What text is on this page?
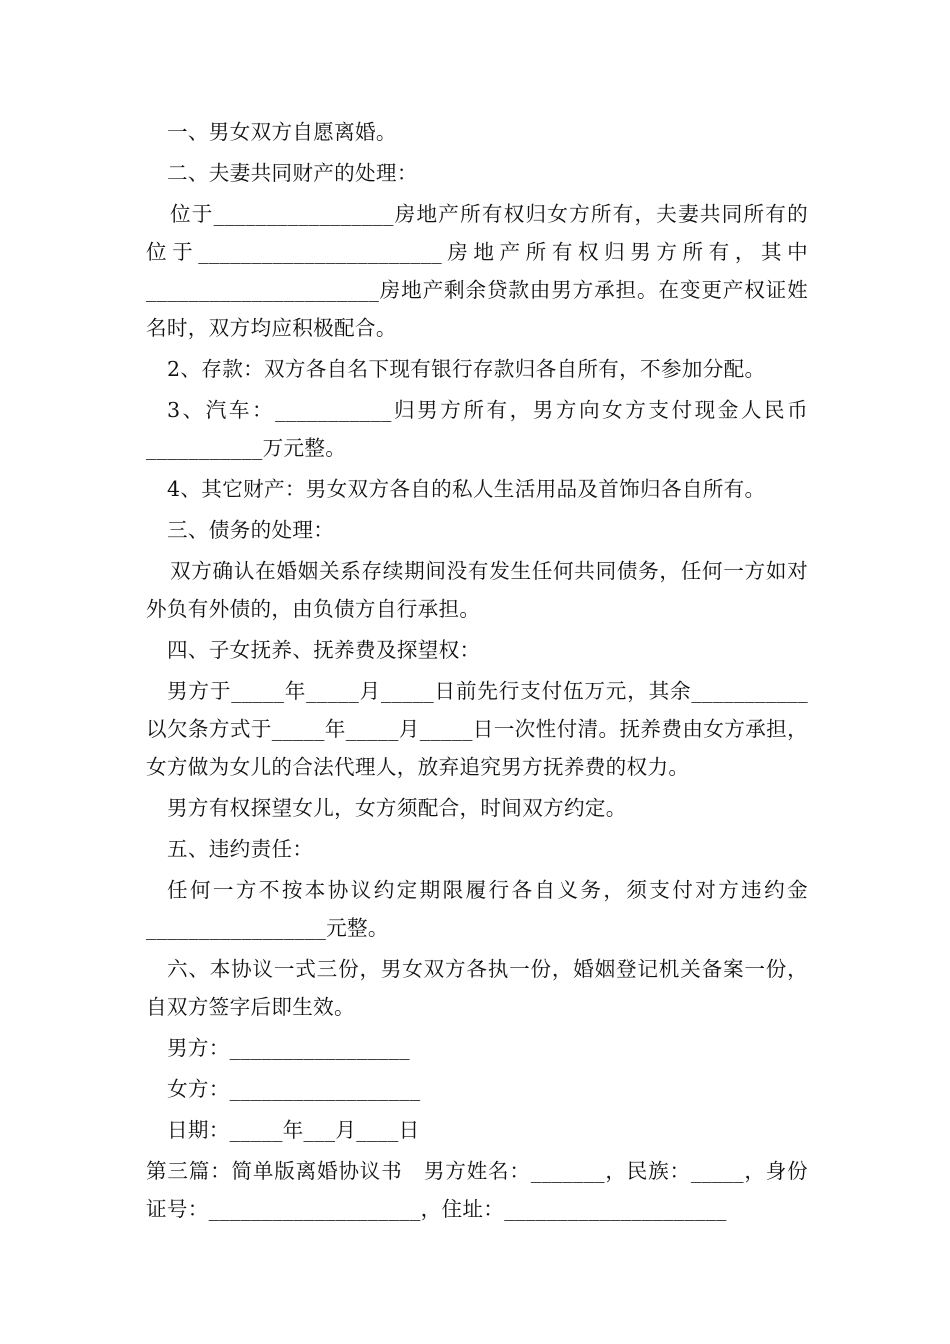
一、男女双方自愿离婚。

二、夫妻共同财产的处理：

位于_________________房地产所有权归女方所有，夫妻共同所有的位于_______________________房地产所有权归男方所有，其中______________________房地产剩余贷款由男方承担。在变更产权证姓名时，双方均应积极配合。

2、存款：双方各自名下现有银行存款归各自所有，不参加分配。

3、汽车：___________归男方所有，男方向女方支付现金人民币___________万元整。

4、其它财产：男女双方各自的私人生活用品及首饰归各自所有。

三、债务的处理：

双方确认在婚姻关系存续期间没有发生任何共同债务，任何一方如对外负有外债的，由负债方自行承担。

四、子女抚养、抚养费及探望权：

男方于_____年_____月_____日前先行支付伍万元，其余___________以欠条方式于_____年_____月_____日一次性付清。抚养费由女方承担，女方做为女儿的合法代理人，放弃追究男方抚养费的权力。

男方有权探望女儿，女方须配合，时间双方约定。

五、违约责任：

任何一方不按本协议约定期限履行各自义务，须支付对方违约金_________________元整。

六、本协议一式三份，男女双方各执一份，婚姻登记机关备案一份，自双方签字后即生效。

男方：_________________

女方：__________________

日期：_____年___月____日

第三篇：简单版离婚协议书　男方姓名：_______，民族：_____，身份证号：____________________，住址：_____________________
